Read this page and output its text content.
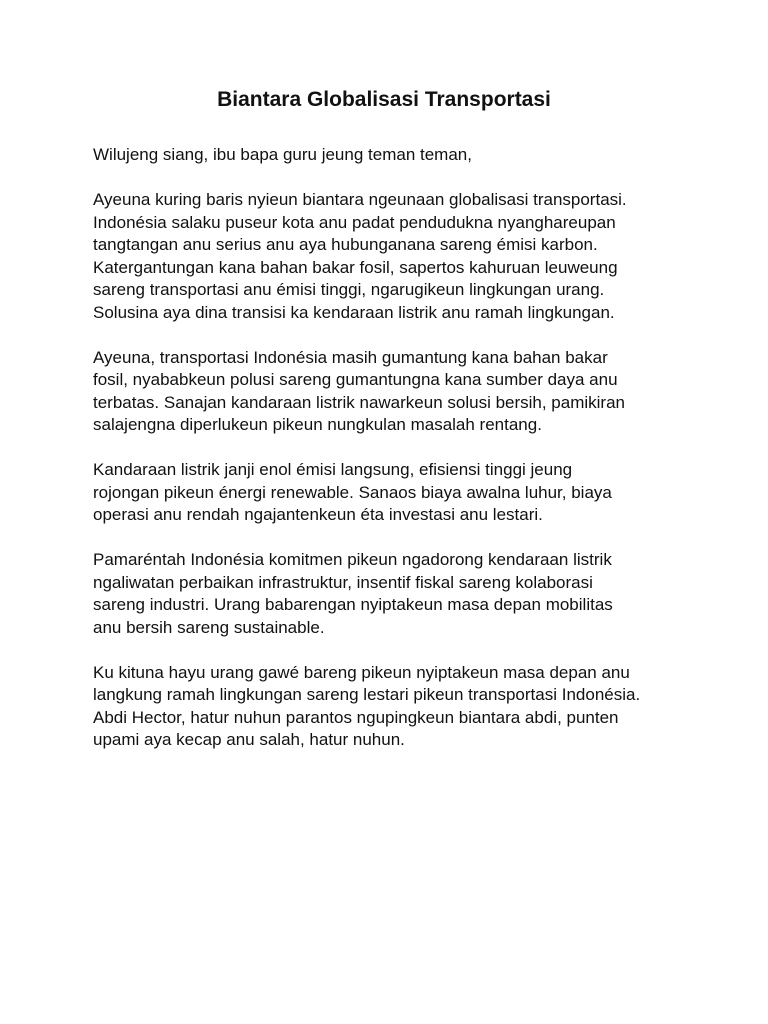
Biantara Globalisasi Transportasi

Wilujeng siang, ibu bapa guru jeung teman teman,

Ayeuna kuring baris nyieun biantara ngeunaan globalisasi transportasi.
Indonésia salaku puseur kota anu padat pendudukna nyanghareupan
tangtangan anu serius anu aya hubunganana sareng émisi karbon.
Katergantungan kana bahan bakar fosil, sapertos kahuruan leuweung
sareng transportasi anu émisi tinggi, ngarugikeun lingkungan urang.
Solusina aya dina transisi ka kendaraan listrik anu ramah lingkungan.

Ayeuna, transportasi Indonésia masih gumantung kana bahan bakar
fosil, nyababkeun polusi sareng gumantungna kana sumber daya anu
terbatas. Sanajan kandaraan listrik nawarkeun solusi bersih, pamikiran
salajengna diperlukeun pikeun nungkulan masalah rentang.

Kandaraan listrik janji enol émisi langsung, efisiensi tinggi jeung
rojongan pikeun énergi renewable. Sanaos biaya awalna luhur, biaya
operasi anu rendah ngajantenkeun éta investasi anu lestari.

Pamaréntah Indonésia komitmen pikeun ngadorong kendaraan listrik
ngaliwatan perbaikan infrastruktur, insentif fiskal sareng kolaborasi
sareng industri. Urang babarengan nyiptakeun masa depan mobilitas
anu bersih sareng sustainable.

Ku kituna hayu urang gawé bareng pikeun nyiptakeun masa depan anu
langkung ramah lingkungan sareng lestari pikeun transportasi Indonésia.
Abdi Hector, hatur nuhun parantos ngupingkeun biantara abdi, punten
upami aya kecap anu salah, hatur nuhun.
